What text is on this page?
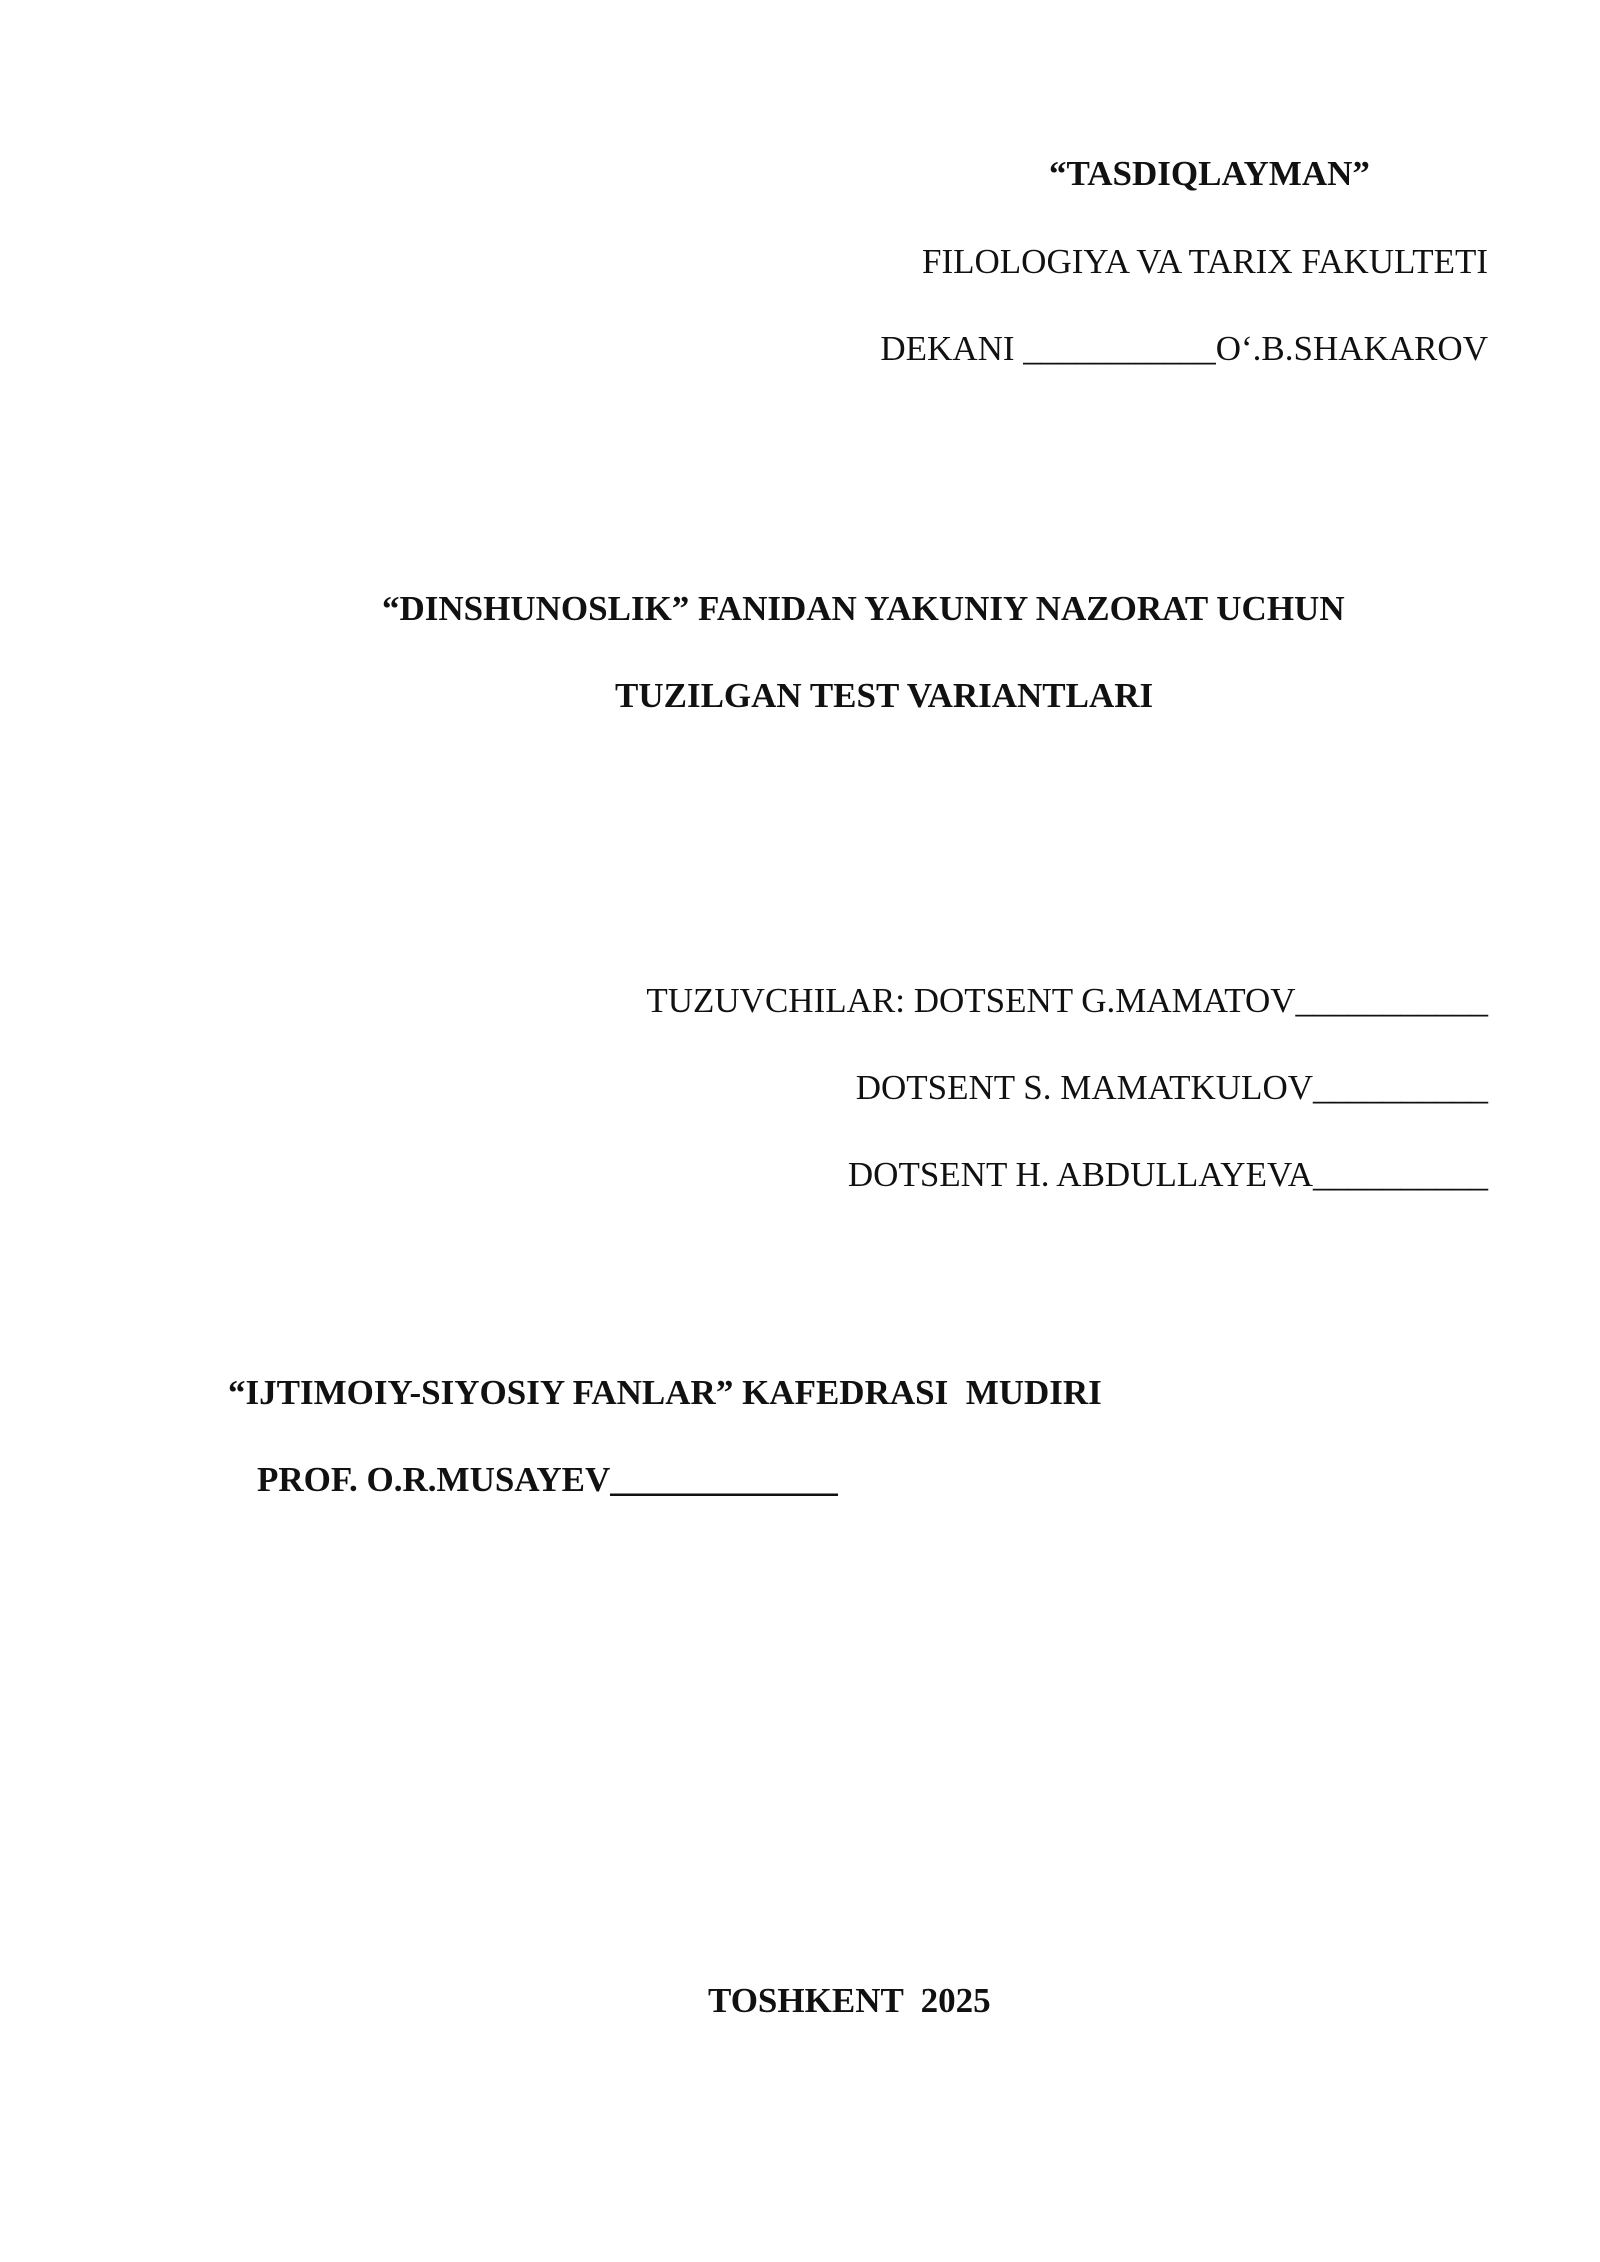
“TASDIQLAYMAN”

FILOLOGIYA VA TARIX FAKULTETI

DEKANI ___________O‘.B.SHAKAROV

“DINSHUNOSLIK” FANIDAN YAKUNIY NAZORAT UCHUN

TUZILGAN TEST VARIANTLARI

TUZUVCHILAR: DOTSENT G.MAMATOV___________

DOTSENT S. MAMATKULOV__________

DOTSENT H. ABDULLAYEVA__________

“IJTIMOIY-SIYOSIY FANLAR” KAFEDRASI  MUDIRI

PROF. O.R.MUSAYEV_____________

TOSHKENT  2025
